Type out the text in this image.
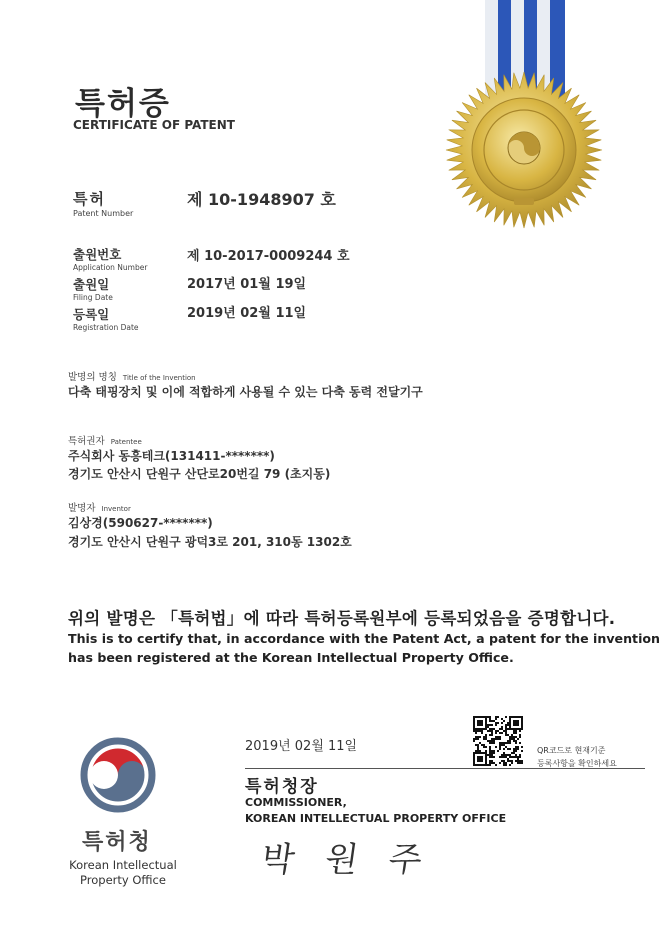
특허증
CERTIFICATE OF PATENT
특허
Patent Number
제 10-1948907 호
출원번호
Application Number
제 10-2017-0009244 호
출원일
Filing Date
2017년 01월 19일
등록일
Registration Date
2019년 02월 11일
발명의 명칭 Title of the Invention
다축 태핑장치 및 이에 적합하게 사용될 수 있는 다축 동력 전달기구
특허권자 Patentee
주식회사 동흥테크(131411-*******)
경기도 안산시 단원구 산단로20번길 79 (초지동)
발명자 Inventor
김상경(590627-*******)
경기도 안산시 단원구 광덕3로 201, 310동 1302호
위의 발명은 「특허법」에 따라 특허등록원부에 등록되었음을 증명합니다.
This is to certify that, in accordance with the Patent Act, a patent for the invention
has been registered at the Korean Intellectual Property Office.
2019년 02월 11일	QR코드로 현재기준
등록사항을 확인하세요
특허청장
COMMISSIONER,
KOREAN INTELLECTUAL PROPERTY OFFICE
박 원 주
특허청
Korean Intellectual
Property Office
